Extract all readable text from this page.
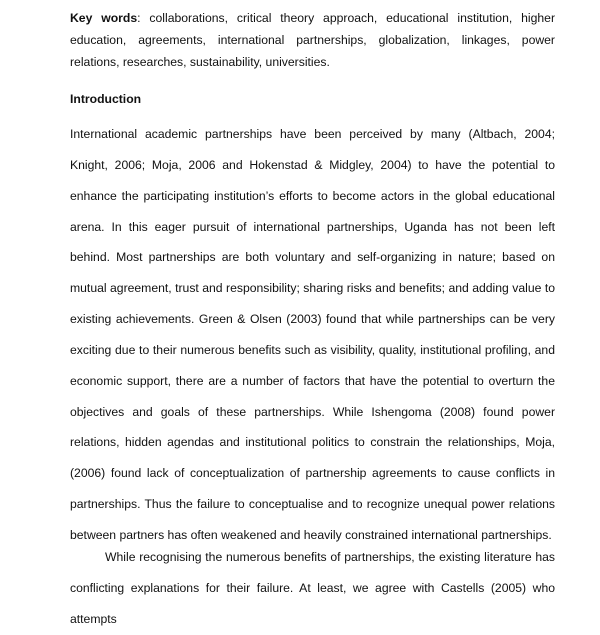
Key words: collaborations, critical theory approach, educational institution, higher education, agreements, international partnerships, globalization, linkages, power relations, researches, sustainability, universities.

Introduction

International academic partnerships have been perceived by many (Altbach, 2004; Knight, 2006; Moja, 2006 and Hokenstad & Midgley, 2004) to have the potential to enhance the participating institution’s efforts to become actors in the global educational arena. In this eager pursuit of international partnerships, Uganda has not been left behind. Most partnerships are both voluntary and self-organizing in nature; based on mutual agreement, trust and responsibility; sharing risks and benefits; and adding value to existing achievements. Green & Olsen (2003) found that while partnerships can be very exciting due to their numerous benefits such as visibility, quality, institutional profiling, and economic support, there are a number of factors that have the potential to overturn the objectives and goals of these partnerships. While Ishengoma (2008) found power relations, hidden agendas and institutional politics to constrain the relationships, Moja, (2006) found lack of conceptualization of partnership agreements to cause conflicts in partnerships. Thus the failure to conceptualise and to recognize unequal power relations between partners has often weakened and heavily constrained international partnerships.

While recognising the numerous benefits of partnerships, the existing literature has conflicting explanations for their failure. At least, we agree with Castells (2005) who attempts
